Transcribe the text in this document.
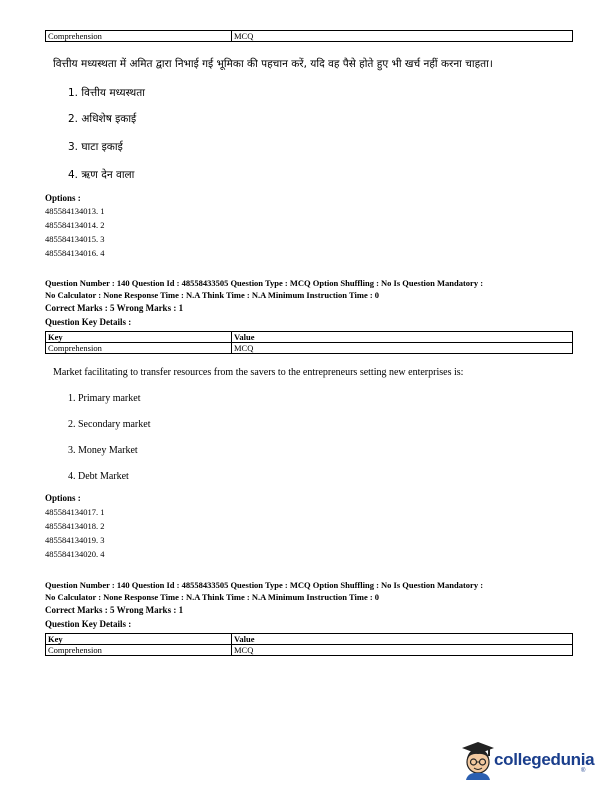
Comprehension	MCQ
वित्तीय मध्यस्थता में अमित द्वारा निभाई गई भूमिका की पहचान करें, यदि वह पैसे होते हुए भी खर्च नहीं करना चाहता।
1. वित्तीय मध्यस्थता
2. अधिशेष इकाई
3. घाटा इकाई
4. ऋण देन वाला
Options :
485584134013. 1
485584134014. 2
485584134015. 3
485584134016. 4
Question Number : 140 Question Id : 48558433505 Question Type : MCQ Option Shuffling : No Is Question Mandatory :
No Calculator : None Response Time : N.A Think Time : N.A Minimum Instruction Time : 0
Correct Marks : 5 Wrong Marks : 1
Question Key Details :
Key	Value
Comprehension	MCQ
Market facilitating to transfer resources from the savers to the entrepreneurs setting new enterprises is:
1. Primary market
2. Secondary market
3. Money Market
4. Debt Market
Options :
485584134017. 1
485584134018. 2
485584134019. 3
485584134020. 4
Question Number : 140 Question Id : 48558433505 Question Type : MCQ Option Shuffling : No Is Question Mandatory :
No Calculator : None Response Time : N.A Think Time : N.A Minimum Instruction Time : 0
Correct Marks : 5 Wrong Marks : 1
Question Key Details :
Key	Value
Comprehension	MCQ
collegedunia
®
